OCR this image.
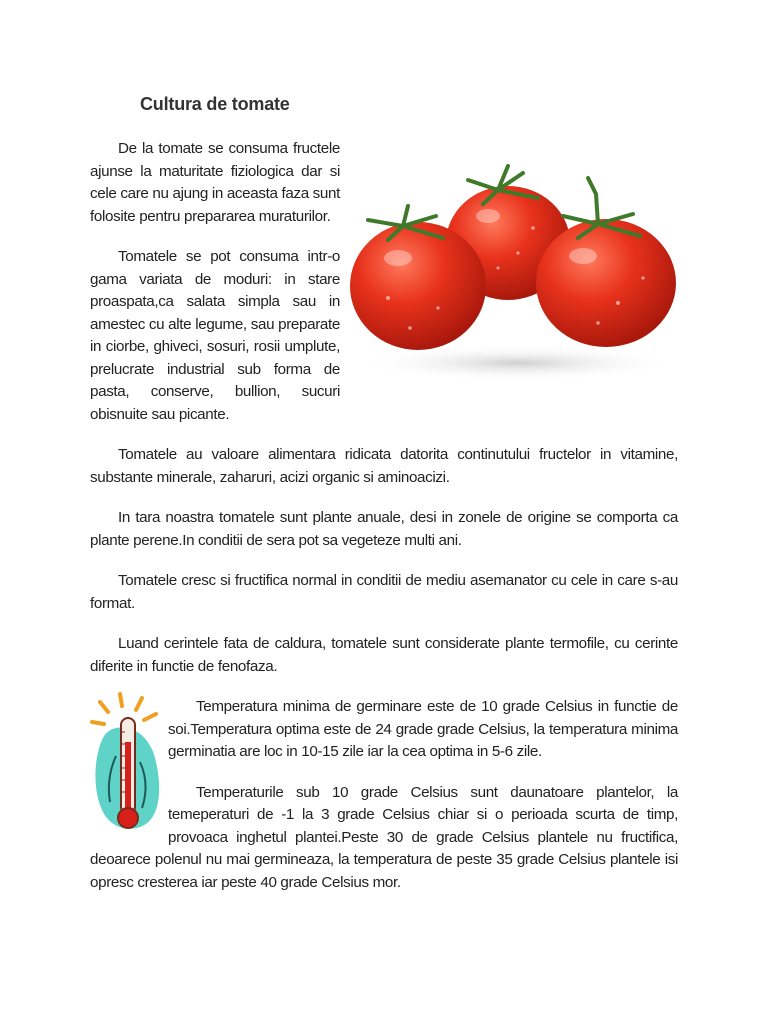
Cultura de tomate

De la tomate se consuma fructele ajunse la maturitate fiziologica dar si cele care nu ajung in aceasta faza sunt folosite pentru prepararea muraturilor.

Tomatele se pot consuma intr-o gama variata de moduri: in stare proaspata,ca salata simpla sau in amestec cu alte legume, sau preparate in ciorbe, ghiveci, sosuri, rosii umplute, prelucrate industrial sub forma de pasta, conserve, bullion, sucuri obisnuite sau picante.

Tomatele au valoare alimentara ridicata datorita continutului fructelor in vitamine, substante minerale, zaharuri, acizi organic si aminoacizi.

In tara noastra tomatele sunt plante anuale, desi in zonele de origine se comporta ca plante perene.In conditii de sera pot sa vegeteze multi ani.

Tomatele cresc si fructifica normal in conditii de mediu asemanator cu cele in care s-au format.

Luand cerintele fata de caldura, tomatele sunt considerate plante termofile, cu cerinte diferite in functie de fenofaza.

Temperatura minima de germinare este de 10 grade Celsius in functie de soi.Temperatura optima este de 24 grade grade Celsius, la temperatura minima germinatia are loc in 10-15 zile iar la cea optima in 5-6 zile.

Temperaturile sub 10 grade Celsius sunt daunatoare plantelor, la temeperaturi de -1 la 3 grade Celsius chiar si o perioada scurta de timp, provoaca inghetul plantei.Peste 30 de grade Celsius plantele nu fructifica, deoarece polenul nu mai germineaza, la temperatura de peste 35 grade Celsius plantele isi opresc cresterea iar peste 40 grade Celsius mor.
